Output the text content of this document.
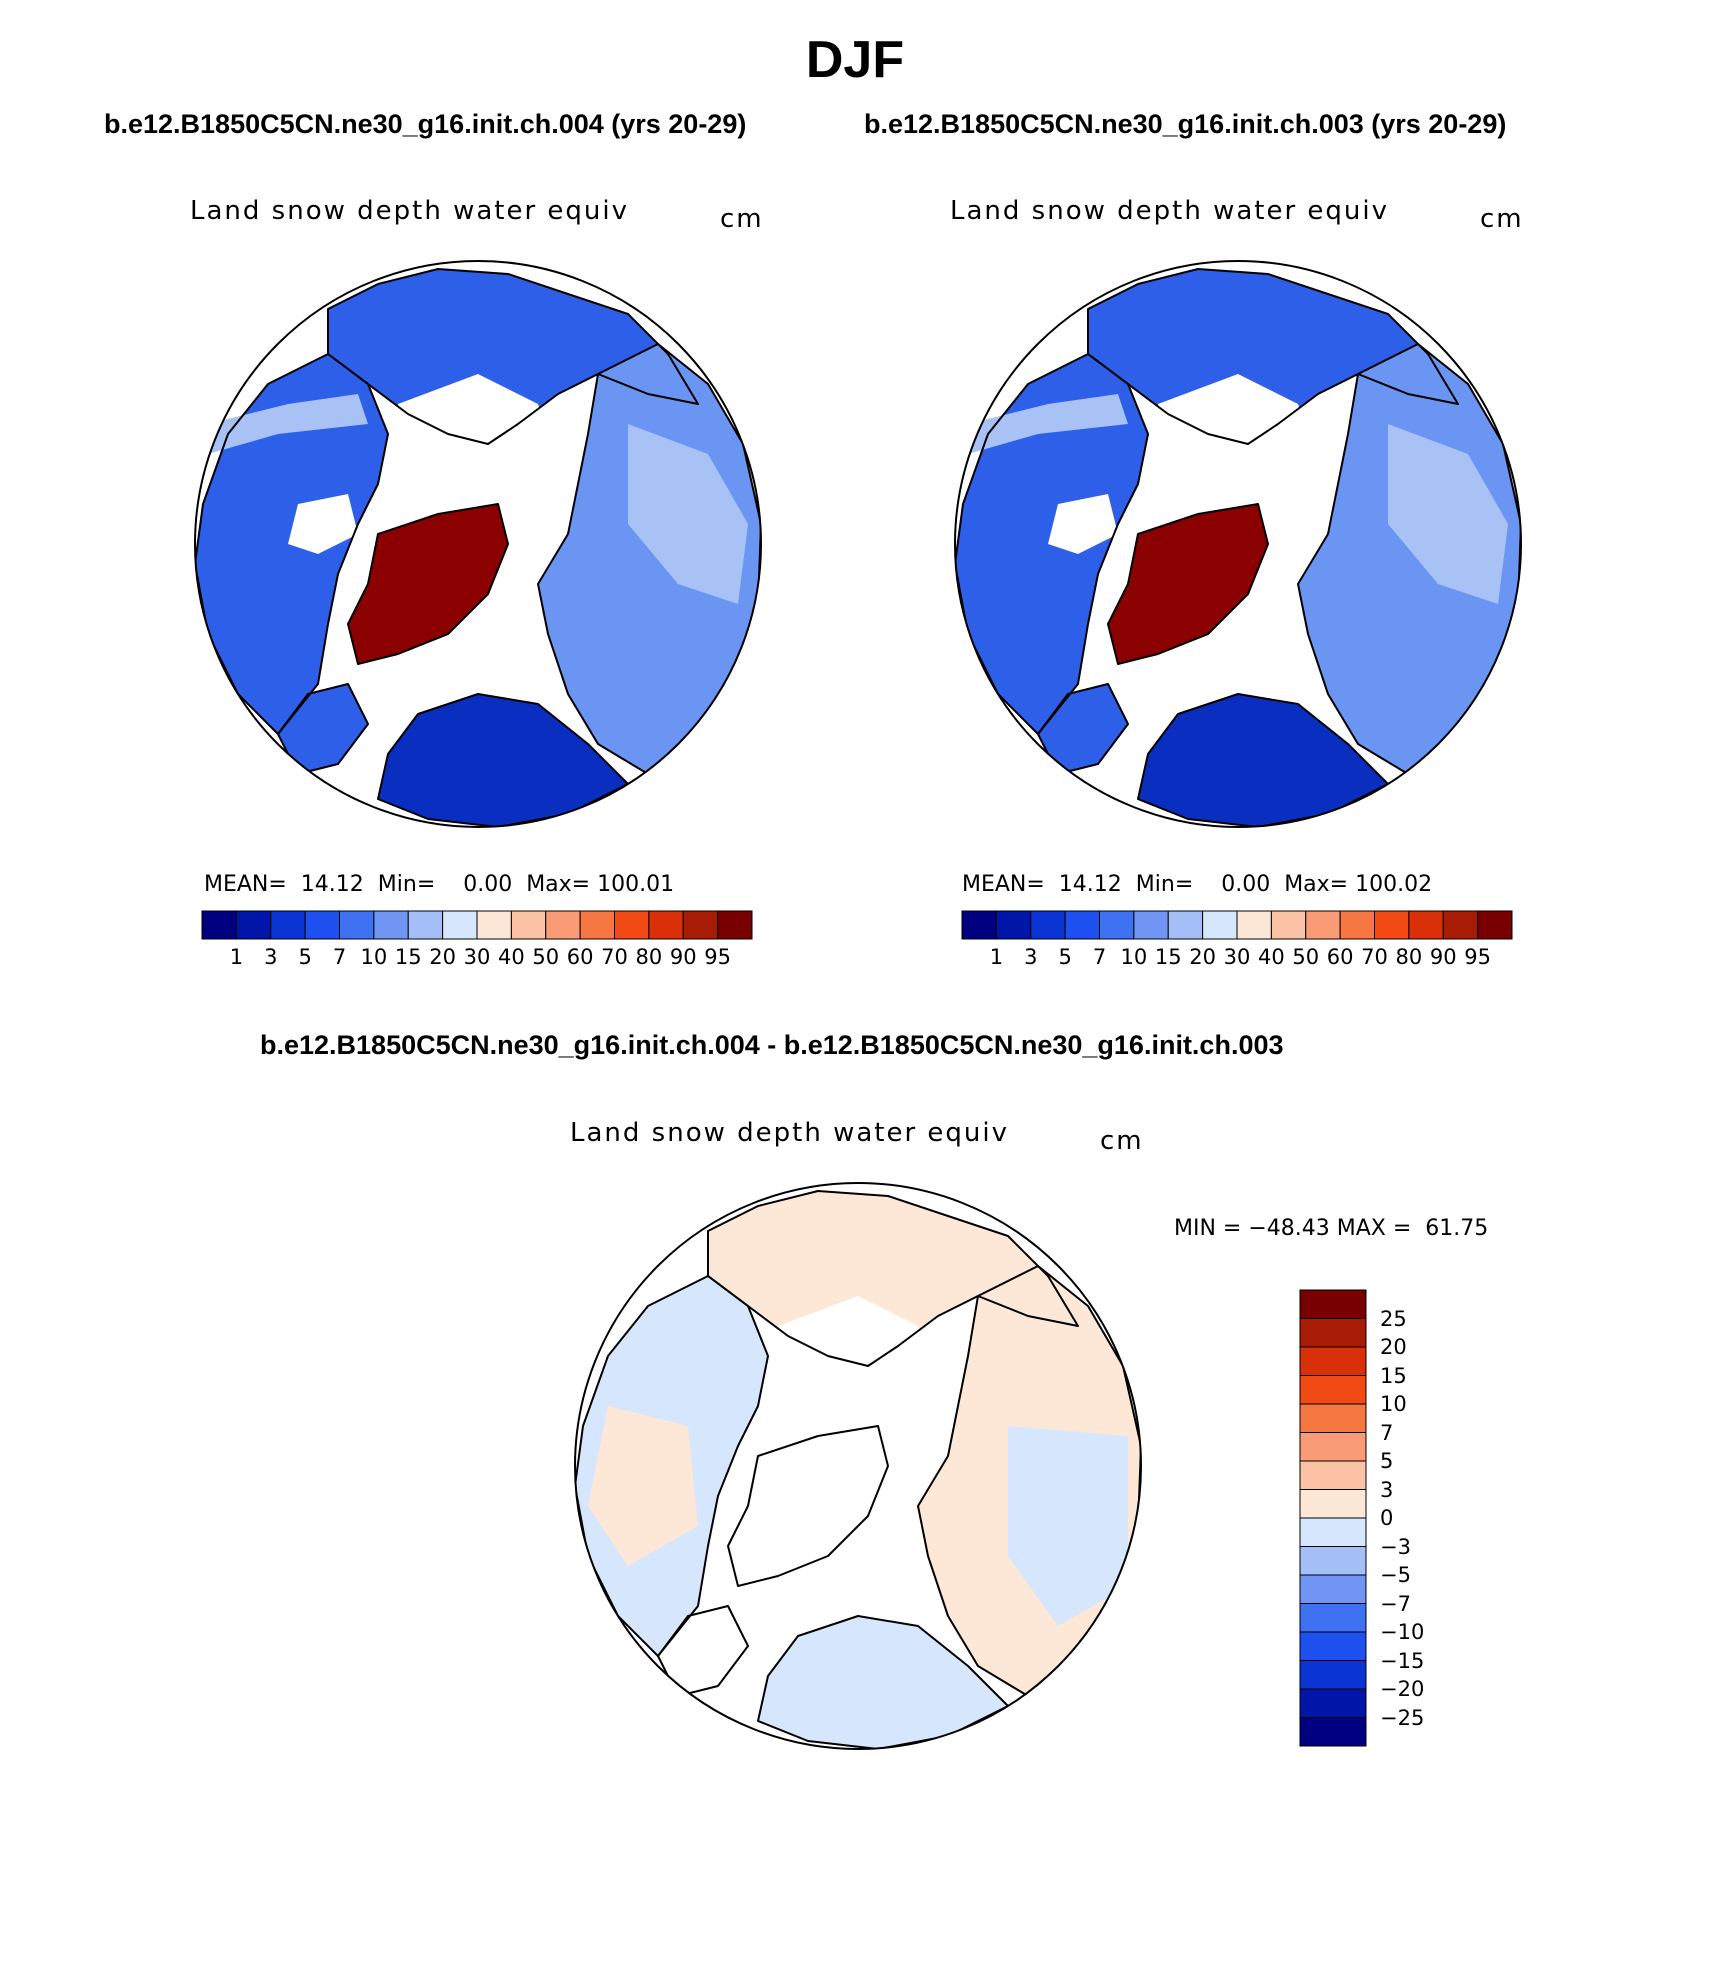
DJF
b.e12.B1850C5CN.ne30_g16.init.ch.004 (yrs 20-29)	b.e12.B1850C5CN.ne30_g16.init.ch.003 (yrs 20-29)
Land snow depth water equiv	cm	Land snow depth water equiv	cm
MEAN=  14.12  Min=    0.00  Max= 100.01	MEAN=  14.12  Min=    0.00  Max= 100.02
1 3 5 7 10 15 20 30 40 50 60 70 80 90 95	1 3 5 7 10 15 20 30 40 50 60 70 80 90 95
b.e12.B1850C5CN.ne30_g16.init.ch.004 - b.e12.B1850C5CN.ne30_g16.init.ch.003
Land snow depth water equiv	cm
MIN = −48.43 MAX =  61.75
25
20
15
10
7
5
3
0
−3
−5
−7
−10
−15
−20
−25
